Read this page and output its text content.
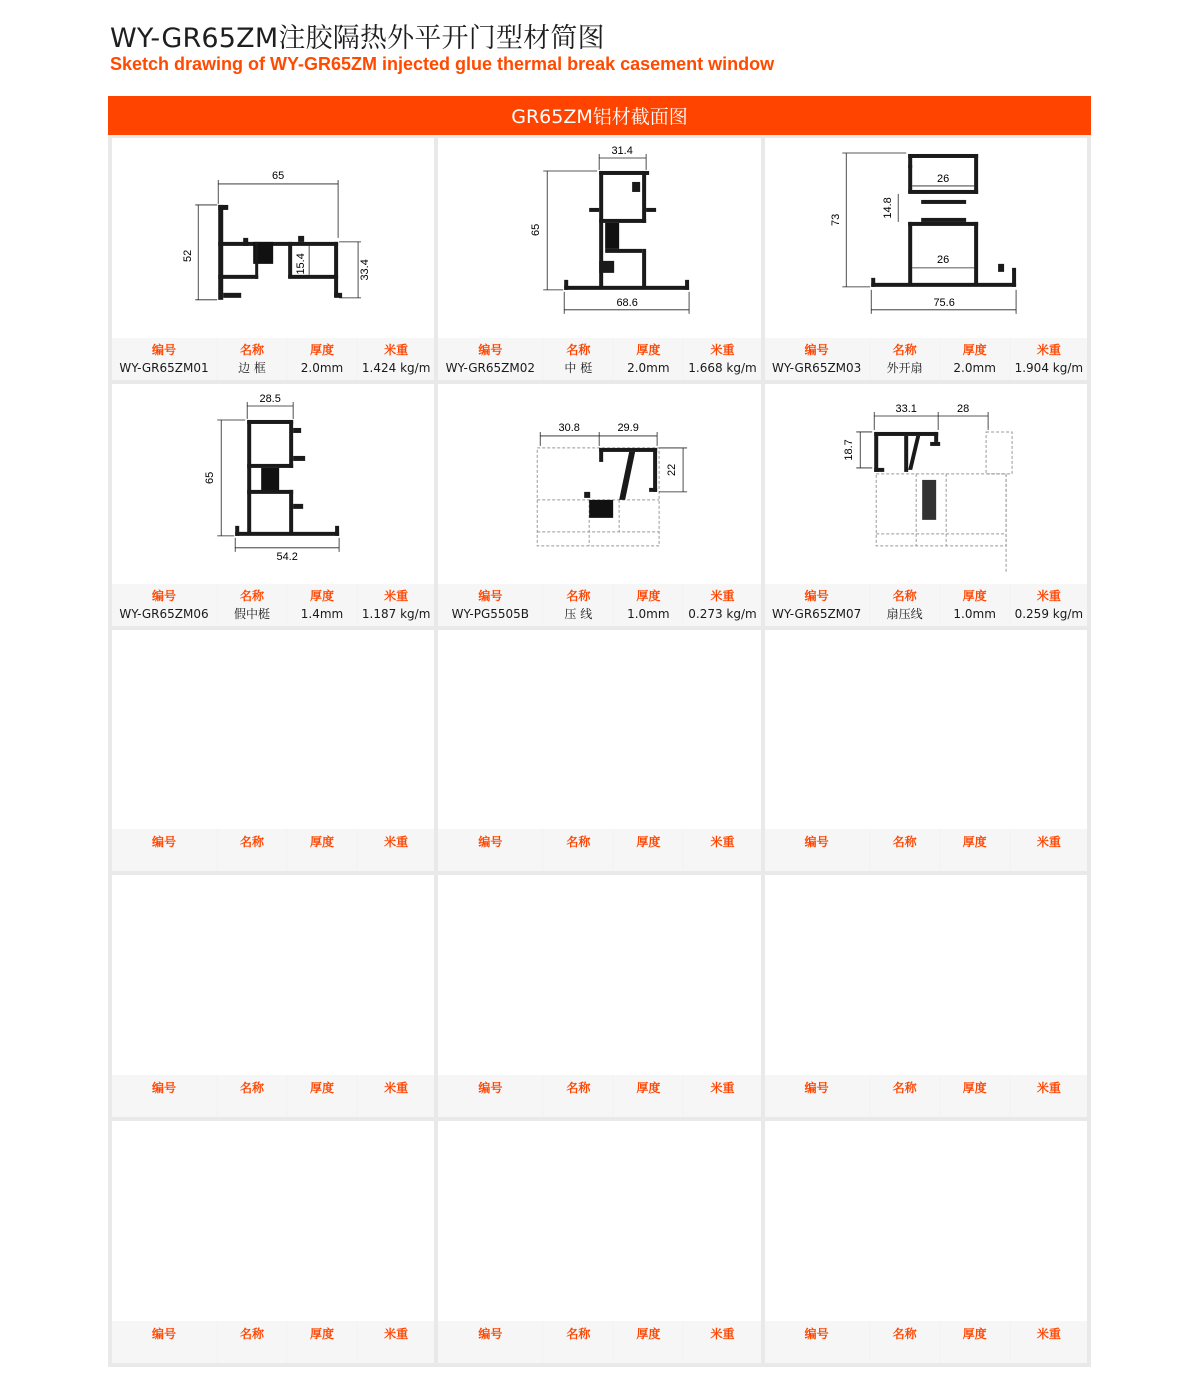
WY-GR65ZM注胶隔热外平开门型材简图
Sketch drawing of WY-GR65ZM injected glue thermal break casement window
GR65ZM铝材截面图
65
52	15.4	33.4
编号
WY-GR65ZM01
名称
边 框
厚度
2.0mm
米重
1.424 kg/m
31.4
65
68.6
编号
WY-GR65ZM02
名称
中 梃
厚度
2.0mm
米重
1.668 kg/m
26
73
14.8
26
75.6
编号
WY-GR65ZM03
名称
外开扇
厚度
2.0mm
米重
1.904 kg/m
28.5
65
54.2
编号
WY-GR65ZM06
名称
假中梃
厚度
1.4mm
米重
1.187 kg/m
30.8	29.9
22
编号
WY-PG5505B
名称
压 线
厚度
1.0mm
米重
0.273 kg/m
33.1	28
18.7
编号
WY-GR65ZM07
名称
扇压线
厚度
1.0mm
米重
0.259 kg/m
编号	名称	厚度	米重	编号	名称	厚度	米重	编号	名称	厚度	米重
编号	名称	厚度	米重	编号	名称	厚度	米重	编号	名称	厚度	米重
编号	名称	厚度	米重	编号	名称	厚度	米重	编号	名称	厚度	米重
